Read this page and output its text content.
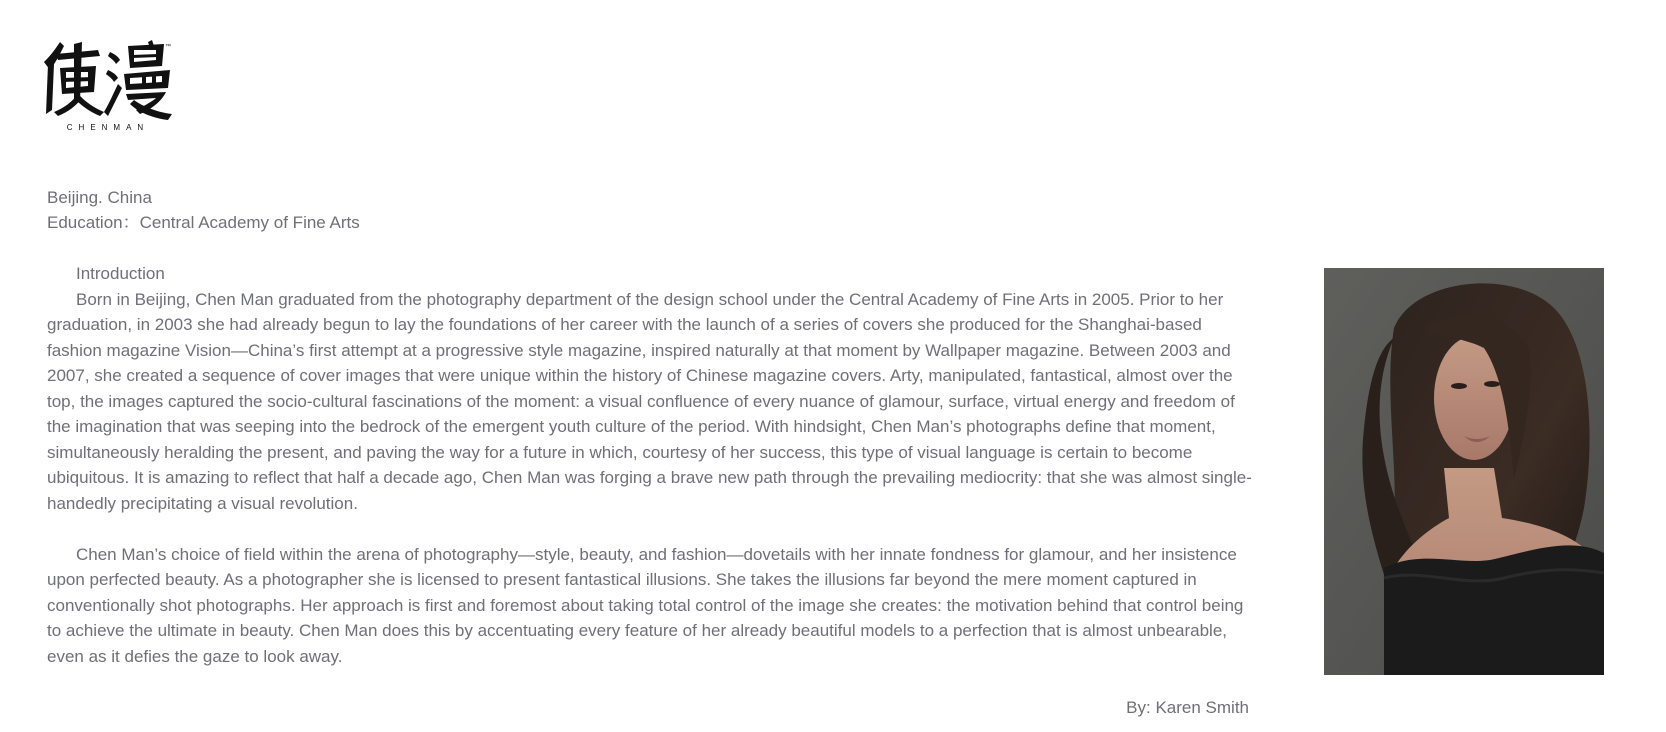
™
CHENMAN
Beijing. China
Education：Central Academy of Fine Arts
Introduction

Born in Beijing, Chen Man graduated from the photography department of the design school under the Central Academy of Fine Arts in 2005. Prior to her graduation, in 2003 she had already begun to lay the foundations of her career with the launch of a series of covers she produced for the Shanghai-based fashion magazine Vision—China’s first attempt at a progressive style magazine, inspired naturally at that moment by Wallpaper magazine. Between 2003 and 2007, she created a sequence of cover images that were unique within the history of Chinese magazine covers. Arty, manipulated, fantastical, almost over the top, the images captured the socio-cultural fascinations of the moment: a visual confluence of every nuance of glamour, surface, virtual energy and freedom of the imagination that was seeping into the bedrock of the emergent youth culture of the period. With hindsight, Chen Man’s photographs define that moment, simultaneously heralding the present, and paving the way for a future in which, courtesy of her success, this type of visual language is certain to become ubiquitous. It is amazing to reflect that half a decade ago, Chen Man was forging a brave new path through the prevailing mediocrity: that she was almost single-handedly precipitating a visual revolution.

Chen Man’s choice of field within the arena of photography—style, beauty, and fashion—dovetails with her innate fondness for glamour, and her insistence upon perfected beauty. As a photographer she is licensed to present fantastical illusions. She takes the illusions far beyond the mere moment captured in conventionally shot photographs. Her approach is first and foremost about taking total control of the image she creates: the motivation behind that control being to achieve the ultimate in beauty. Chen Man does this by accentuating every feature of her already beautiful models to a perfection that is almost unbearable, even as it defies the gaze to look away.

By: Karen Smith
